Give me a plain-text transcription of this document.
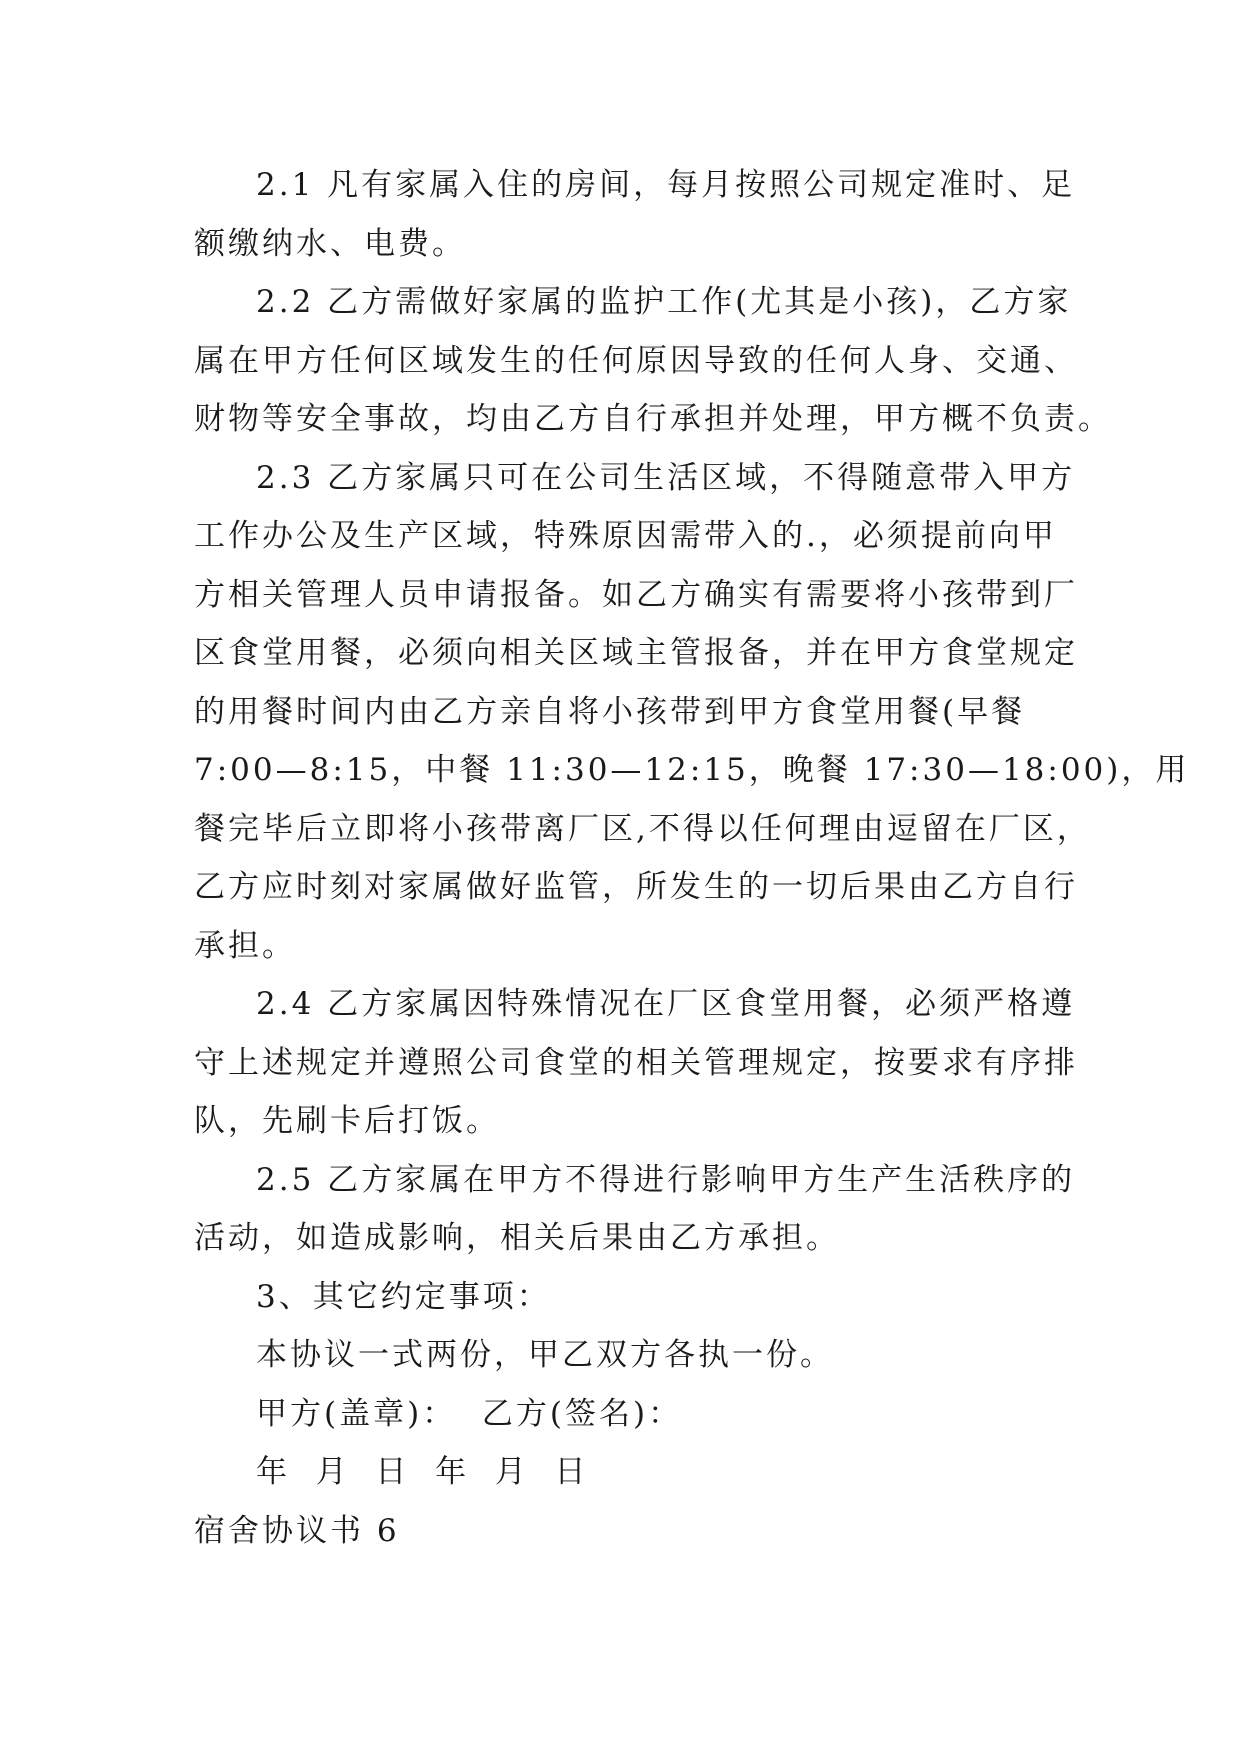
2.1 凡有家属入住的房间，每月按照公司规定准时、足

额缴纳水、电费。

2.2 乙方需做好家属的监护工作(尤其是小孩)，乙方家

属在甲方任何区域发生的任何原因导致的任何人身、交通、

财物等安全事故，均由乙方自行承担并处理，甲方概不负责。

2.3 乙方家属只可在公司生活区域，不得随意带入甲方

工作办公及生产区域，特殊原因需带入的.，必须提前向甲

方相关管理人员申请报备。如乙方确实有需要将小孩带到厂

区食堂用餐，必须向相关区域主管报备，并在甲方食堂规定

的用餐时间内由乙方亲自将小孩带到甲方食堂用餐(早餐

7:00—8:15，中餐 11:30—12:15，晚餐 17:30—18:00)，用

餐完毕后立即将小孩带离厂区,不得以任何理由逗留在厂区，

乙方应时刻对家属做好监管，所发生的一切后果由乙方自行

承担。

2.4 乙方家属因特殊情况在厂区食堂用餐，必须严格遵

守上述规定并遵照公司食堂的相关管理规定，按要求有序排

队，先刷卡后打饭。

2.5 乙方家属在甲方不得进行影响甲方生产生活秩序的

活动，如造成影响，相关后果由乙方承担。

3、其它约定事项：

本协议一式两份，甲乙双方各执一份。

甲方(盖章)：  乙方(签名)：

年  月  日  年  月  日

宿舍协议书 6
